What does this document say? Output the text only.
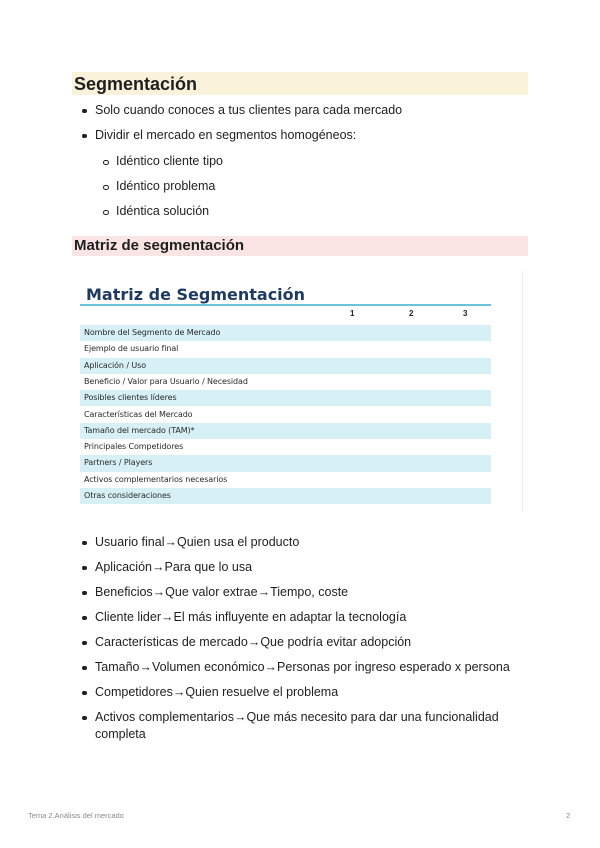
Segmentación
Solo cuando conoces a tus clientes para cada mercado
Dividir el mercado en segmentos homogéneos:
Idéntico cliente tipo
Idéntico problema
Idéntica solución
Matriz de segmentación
Matriz de Segmentación
1	2	3
Nombre del Segmento de Mercado
Ejemplo de usuario final
Aplicación / Uso
Beneficio / Valor para Usuario / Necesidad
Posibles clientes líderes
Características del Mercado
Tamaño del mercado (TAM)*
Principales Competidores
Partners / Players
Activos complementarios necesarios
Otras consideraciones
Usuario final→Quien usa el producto
Aplicación→Para que lo usa
Beneficios→Que valor extrae→Tiempo, coste
Cliente lider→El más influyente en adaptar la tecnología
Características de mercado→Que podría evitar adopción
Tamaño→Volumen económico→Personas por ingreso esperado x persona
Competidores→Quien resuelve el problema
Activos complementarios→Que más necesito para dar una funcionalidad completa
Tema 2.Análisis del mercado	2
